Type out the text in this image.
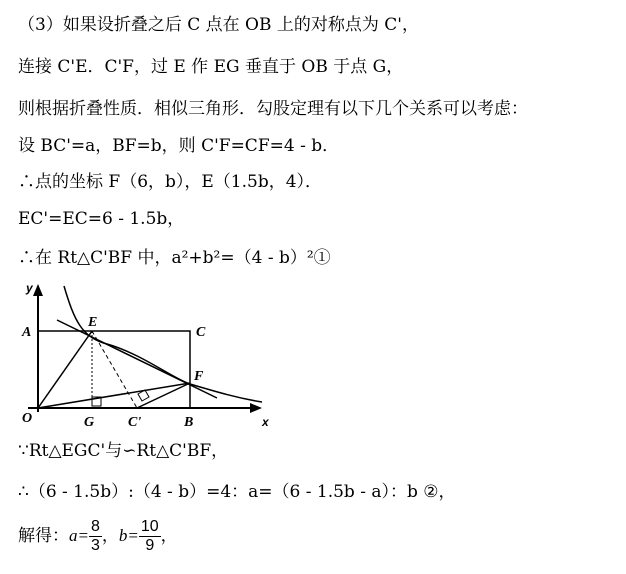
（3）如果设折叠之后 C 点在 OB 上的对称点为 C'，
连接 C'E．C'F，过 E 作 EG 垂直于 OB 于点 G，
则根据折叠性质．相似三角形．勾股定理有以下几个关系可以考虑：
设 BC'=a，BF=b，则 C'F=CF=4 - b．
∴点的坐标 F（6，b），E（1.5b，4）．
EC'=EC=6 - 1.5b，
∴在 Rt△C'BF 中，a²+b²=（4 - b）²①
y
x
A	C
E
F
O	G C'	B
∵Rt△EGC'与∽Rt△C'BF，
∴（6 - 1.5b）:（4 - b）=4：a=（6 - 1.5b - a）：b ②，
解得：$a= \frac{8}{3}$ ，$b= \frac{10}{9}$ ，
